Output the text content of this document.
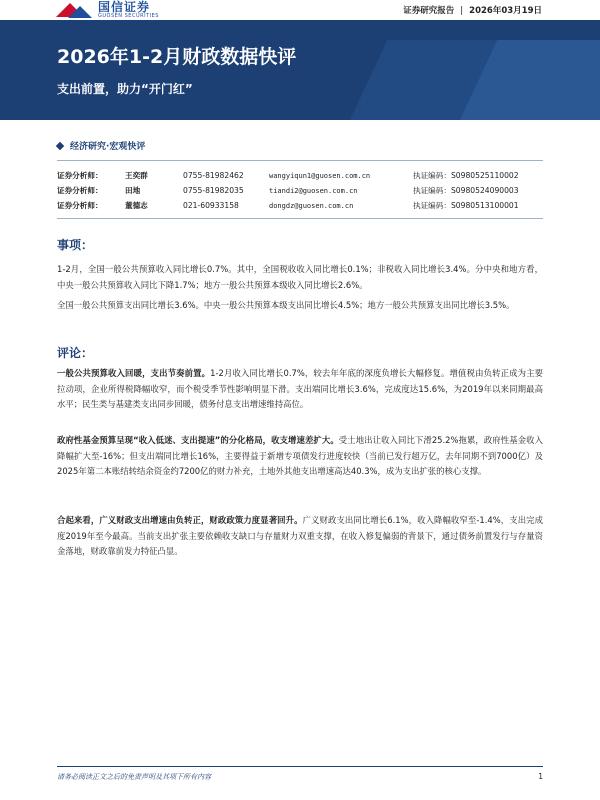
国信证券
GUOSEN SECURITIES	证券研究报告 | 2026年03月19日
2026年1-2月财政数据快评
支出前置，助力“开门红”
经济研究·宏观快评
证券分析师：	王奕群	0755-81982462	wangyiqun1@guosen.com.cn	执证编码：S0980525110002
证券分析师：	田地	0755-81982035	tiandi2@guosen.com.cn	执证编码：S0980524090003
证券分析师：	董德志	021-60933158	dongdz@guosen.com.cn	执证编码：S0980513100001
事项：
1-2月，全国一般公共预算收入同比增长0.7%。其中，全国税收收入同比增长0.1%；非税收入同比增长3.4%。分中央和地方看，中央一般公共预算收入同比下降1.7%；地方一般公共预算本级收入同比增长2.6%。
全国一般公共预算支出同比增长3.6%。中央一般公共预算本级支出同比增长4.5%；地方一般公共预算支出同比增长3.5%。
评论：
一般公共预算收入回暖，支出节奏前置。1-2月收入同比增长0.7%，较去年年底的深度负增长大幅修复。增值税由负转正成为主要拉动项，企业所得税降幅收窄，而个税受季节性影响明显下滑。支出端同比增长3.6%，完成度达15.6%，为2019年以来同期最高水平；民生类与基建类支出同步回暖，债务付息支出增速维持高位。
政府性基金预算呈现“收入低迷、支出提速”的分化格局，收支增速差扩大。受土地出让收入同比下滑25.2%拖累，政府性基金收入降幅扩大至-16%；但支出端同比增长16%，主要得益于新增专项债发行进度较快（当前已发行超万亿，去年同期不到7000亿）及2025年第二本账结转结余资金约7200亿的财力补充，土地外其他支出增速高达40.3%，成为支出扩张的核心支撑。
合起来看，广义财政支出增速由负转正，财政政策力度显著回升。广义财政支出同比增长6.1%，收入降幅收窄至-1.4%，支出完成度2019年至今最高。当前支出扩张主要依赖收支缺口与存量财力双重支撑，在收入修复偏弱的背景下，通过债务前置发行与存量资金落地，财政靠前发力特征凸显。
请务必阅读正文之后的免责声明及其项下所有内容	1
